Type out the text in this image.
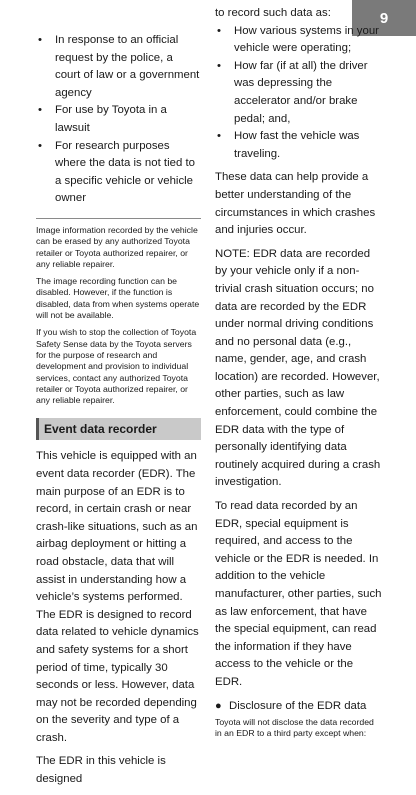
9
• In response to an official request by the police, a court of law or a government agency
• For use by Toyota in a lawsuit
• For research purposes where the data is not tied to a specific vehicle or vehicle owner

Image information recorded by the vehicle can be erased by any authorized Toyota retailer or Toyota authorized repairer, or any reliable repairer.

The image recording function can be disabled. However, if the function is disabled, data from when systems operate will not be available.

If you wish to stop the collection of Toyota Safety Sense data by the Toyota servers for the purpose of research and development and provision to individual services, contact any authorized Toyota retailer or Toyota authorized repairer, or any reliable repairer.

Event data recorder

This vehicle is equipped with an event data recorder (EDR). The main purpose of an EDR is to record, in certain crash or near crash-like situations, such as an airbag deployment or hitting a road obstacle, data that will assist in understanding how a vehicle’s systems performed. The EDR is designed to record data related to vehicle dynamics and safety systems for a short period of time, typically 30 seconds or less. However, data may not be recorded depending on the severity and type of a crash.

The EDR in this vehicle is designed

to record such data as:

• How various systems in your vehicle were operating;
• How far (if at all) the driver was depressing the accelerator and/or brake pedal; and,
• How fast the vehicle was traveling.

These data can help provide a better understanding of the circumstances in which crashes and injuries occur.

NOTE: EDR data are recorded by your vehicle only if a non-trivial crash situation occurs; no data are recorded by the EDR under normal driving conditions and no personal data (e.g., name, gender, age, and crash location) are recorded. However, other parties, such as law enforcement, could combine the EDR data with the type of personally identifying data routinely acquired during a crash investigation.

To read data recorded by an EDR, special equipment is required, and access to the vehicle or the EDR is needed. In addition to the vehicle manufacturer, other parties, such as law enforcement, that have the special equipment, can read the information if they have access to the vehicle or the EDR.

● Disclosure of the EDR data

Toyota will not disclose the data recorded in an EDR to a third party except when:
